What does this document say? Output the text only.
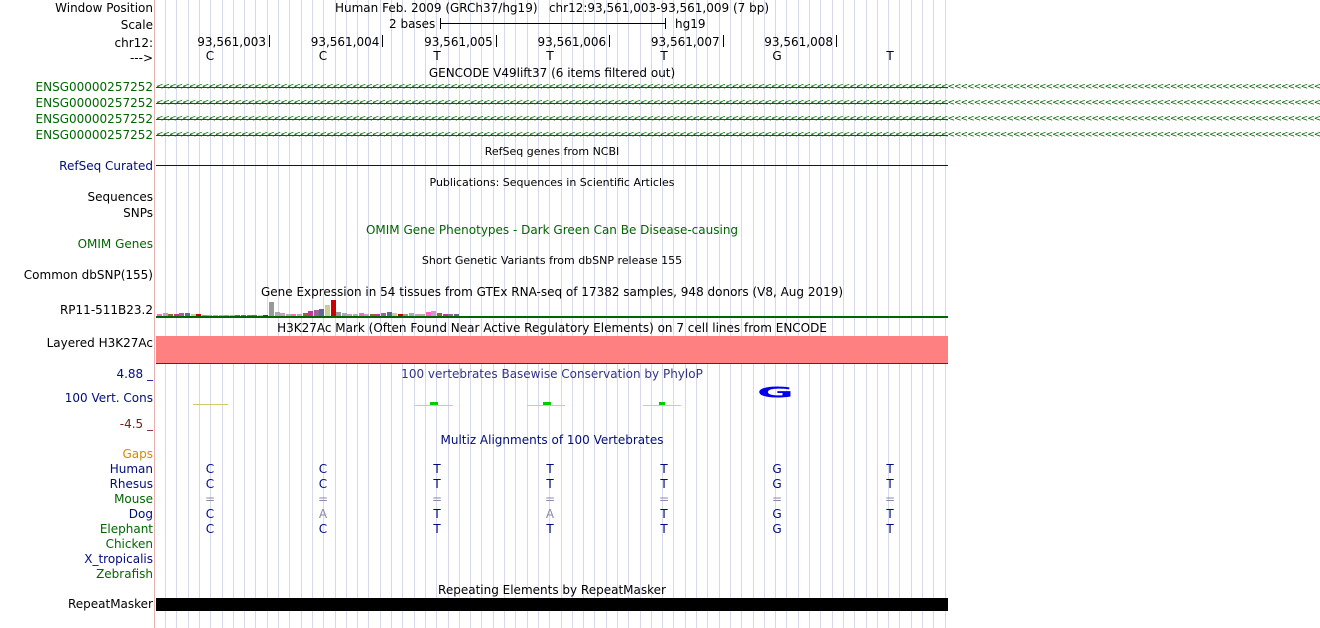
Window Position	Human Feb. 2009 (GRCh37/hg19)   chr12:93,561,003-93,561,009 (7 bp)
Scale	2 bases	hg19
chr12:
--->
93,561,003	93,561,004	93,561,005	93,561,006	93,561,007	93,561,008
C	C	T	T	T	G	T
GENCODE V49lift37 (6 items filtered out)
ENSG00000257252 <<<<<<<<<<<<<<<<<<<<<<<<<<<<<<<<<<<<<<<<<<<<<<<<<<<<<<<<<<<<<<<<<<<<<<<<<<<<<<<<<<<<<<<<<<<<<<<<<<<<<<<<<<<<<<<<<<<<<<<<<<<<<<<<<<<<<<<<<<<<<<<<<<<<<<<<<<<<<<<<<<<<<<<<<<<<<<<<<<
ENSG00000257252 <<<<<<<<<<<<<<<<<<<<<<<<<<<<<<<<<<<<<<<<<<<<<<<<<<<<<<<<<<<<<<<<<<<<<<<<<<<<<<<<<<<<<<<<<<<<<<<<<<<<<<<<<<<<<<<<<<<<<<<<<<<<<<<<<<<<<<<<<<<<<<<<<<<<<<<<<<<<<<<<<<<<<<<<<<<<<<<<<<
ENSG00000257252 <<<<<<<<<<<<<<<<<<<<<<<<<<<<<<<<<<<<<<<<<<<<<<<<<<<<<<<<<<<<<<<<<<<<<<<<<<<<<<<<<<<<<<<<<<<<<<<<<<<<<<<<<<<<<<<<<<<<<<<<<<<<<<<<<<<<<<<<<<<<<<<<<<<<<<<<<<<<<<<<<<<<<<<<<<<<<<<<<<
ENSG00000257252 <<<<<<<<<<<<<<<<<<<<<<<<<<<<<<<<<<<<<<<<<<<<<<<<<<<<<<<<<<<<<<<<<<<<<<<<<<<<<<<<<<<<<<<<<<<<<<<<<<<<<<<<<<<<<<<<<<<<<<<<<<<<<<<<<<<<<<<<<<<<<<<<<<<<<<<<<<<<<<<<<<<<<<<<<<<<<<<<<<
RefSeq genes from NCBI
RefSeq Curated
Publications: Sequences in Scientific Articles
Sequences
SNPs
OMIM Gene Phenotypes - Dark Green Can Be Disease-causing
OMIM Genes
Short Genetic Variants from dbSNP release 155
Common dbSNP(155)
Gene Expression in 54 tissues from GTEx RNA-seq of 17382 samples, 948 donors (V8, Aug 2019)
RP11-511B23.2
H3K27Ac Mark (Often Found Near Active Regulatory Elements) on 7 cell lines from ENCODE
Layered H3K27Ac
100 vertebrates Basewise Conservation by PhyloP
4.88 _
100 Vert. Cons
-4.5 _
G
Multiz Alignments of 100 Vertebrates
Gaps
Human	C	C	T	T	T	G	T
Rhesus	C	C	T	T	T	G	T
Mouse	=	=	=	=	=	=	=
Dog	C	A	T	A	T	G	T
Elephant	C	C	T	T	T	G	T
Chicken
X_tropicalis
Zebrafish
Repeating Elements by RepeatMasker
RepeatMasker
